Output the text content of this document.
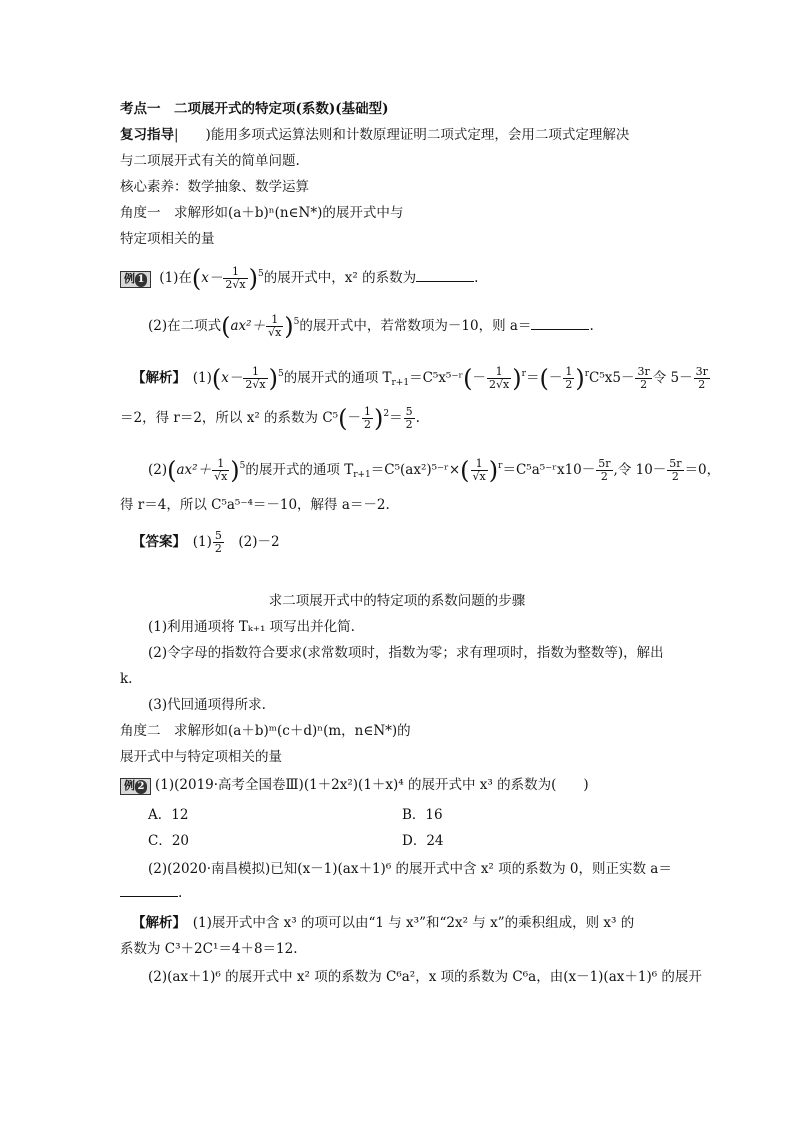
考点一　二项展开式的特定项(系数)(基础型)
复习指导|　　)能用多项式运算法则和计数原理证明二项式定理，会用二项式定理解决
与二项展开式有关的简单问题.
核心素养：数学抽象、数学运算
角度一　求解形如(a＋b)ⁿ(n∈N*)的展开式中与
特定项相关的量
例 1 (1)在$(x- \frac{1}{2√x} )^5$的展开式中，x² 的系数为	.
(2)在二项式$(ax^2+ \frac{1}{√x} )^5$的展开式中，若常数项为－10，则 a＝	.
【解析】　 $(1)(x- \frac{1}{2√x} )^5$的展开式的通项 $T_{r+1}=C^5x^{5-}ʳ(- \frac{1}{2√x} )^r=(- \frac{1}{2} )^rC^5x5- \frac{3r}{2}$ 令 $5- \frac{3r}{2}$
＝2，得 r＝2，所以 x² 的系数为 $C^5(- \frac{1}{2} )^2= \frac{5}{2}$ .
$(2)(ax^2+ \frac{1}{√x} )^5$的展开式的通项 $T_{r+1}=C^5(ax^2)^{5-}ʳ\times( \frac{1}{√x}$ )$^r$＝C⁵a⁵⁻ʳx10－ $\frac{5r}{2}$ ,令 $10- \frac{5r}{2} =0$，
得 r＝4，所以 C⁵a⁵⁻⁴＝－10，解得 a＝－2.
【答案】　 $(1) \frac{5}{2}$
　 (2)－2
求二项展开式中的特定项的系数问题的步骤
(1)利用通项将 Tₖ₊₁ 项写出并化简.
(2)令字母的指数符合要求(求常数项时，指数为零；求有理项时，指数为整数等)，解出
k.
(3)代回通项得所求.
角度二　求解形如(a＋b)ᵐ(c＋d)ⁿ(m，n∈N*)的
展开式中与特定项相关的量
例 2 (1)(2019·高考全国卷Ⅲ)(1＋2x²)(1＋x)⁴ 的展开式中 x³ 的系数为(　　)
A．12	B．16
C．20	D．24
(2)(2020·南昌模拟)已知(x－1)(ax＋1)⁶ 的展开式中含 x² 项的系数为 0，则正实数 a＝
.
【解析】　 (1)展开式中含 x³ 的项可以由“1 与 x³”和“2x² 与 x”的乘积组成，则 x³ 的
系数为 C³＋2C¹＝4＋8＝12.
(2)(ax＋1)⁶ 的展开式中 x² 项的系数为 C⁶a²，x 项的系数为 C⁶a，由(x－1)(ax＋1)⁶ 的展开
